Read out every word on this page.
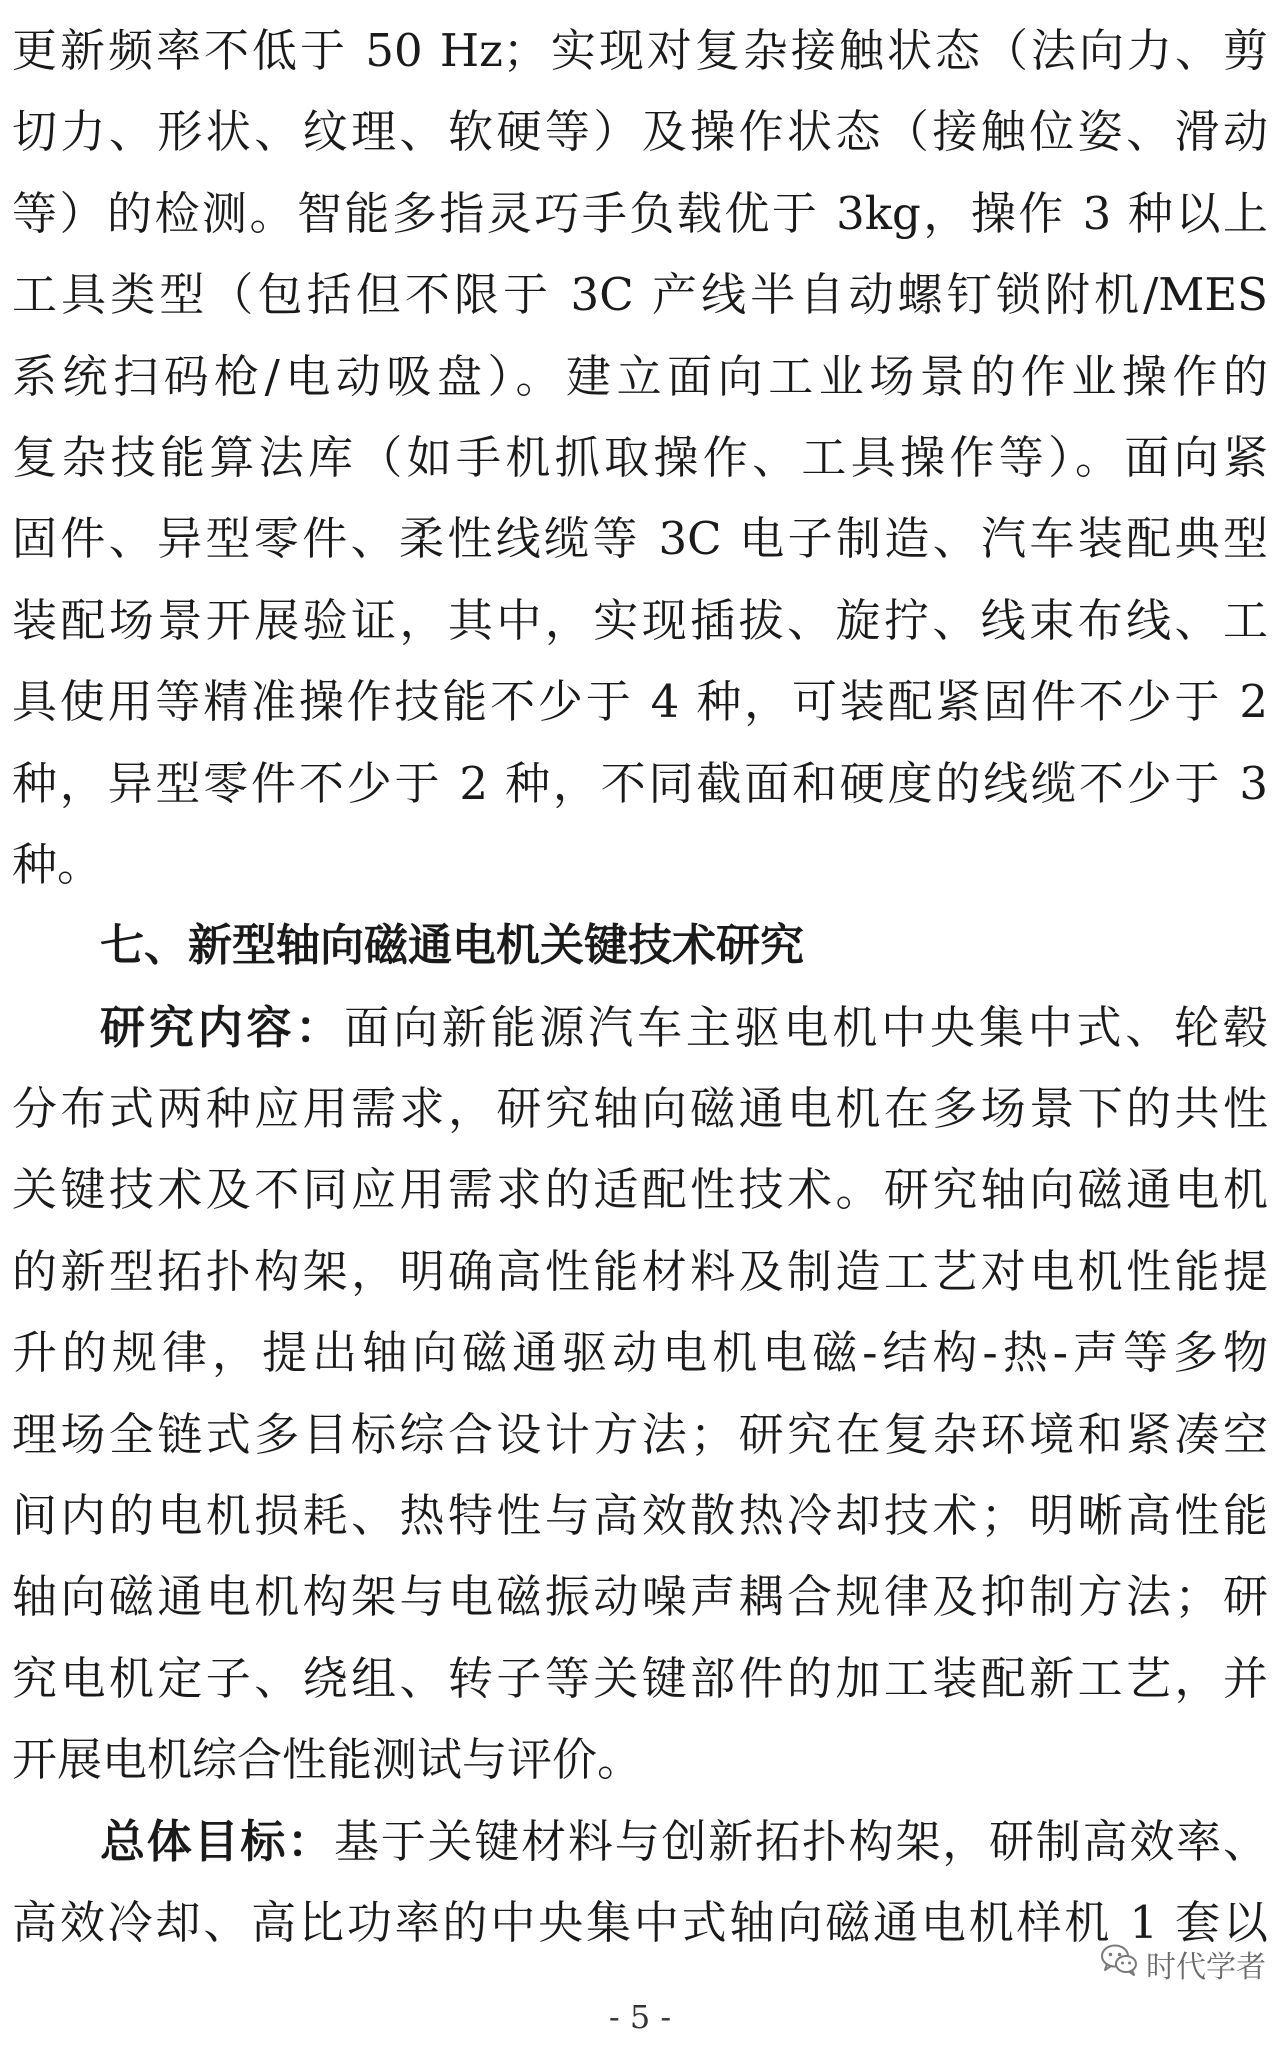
更新频率不低于 50 Hz；实现对复杂接触状态（法向力、剪
切力、形状、纹理、软硬等）及操作状态（接触位姿、滑动
等）的检测。智能多指灵巧手负载优于 3kg，操作 3 种以上
工具类型（包括但不限于 3C 产线半自动螺钉锁附机/MES
系统扫码枪/电动吸盘）。建立面向工业场景的作业操作的
复杂技能算法库（如手机抓取操作、工具操作等）。面向紧
固件、异型零件、柔性线缆等 3C 电子制造、汽车装配典型
装配场景开展验证，其中，实现插拔、旋拧、线束布线、工
具使用等精准操作技能不少于 4 种，可装配紧固件不少于 2
种，异型零件不少于 2 种，不同截面和硬度的线缆不少于 3
种。
七、新型轴向磁通电机关键技术研究
研究内容：面向新能源汽车主驱电机中央集中式、轮毂
分布式两种应用需求，研究轴向磁通电机在多场景下的共性
关键技术及不同应用需求的适配性技术。研究轴向磁通电机
的新型拓扑构架，明确高性能材料及制造工艺对电机性能提
升的规律，提出轴向磁通驱动电机电磁-结构-热-声等多物
理场全链式多目标综合设计方法；研究在复杂环境和紧凑空
间内的电机损耗、热特性与高效散热冷却技术；明晰高性能
轴向磁通电机构架与电磁振动噪声耦合规律及抑制方法；研
究电机定子、绕组、转子等关键部件的加工装配新工艺，并
开展电机综合性能测试与评价。
总体目标：基于关键材料与创新拓扑构架，研制高效率、
高效冷却、高比功率的中央集中式轴向磁通电机样机 1 套以
时代学者
- 5 -
